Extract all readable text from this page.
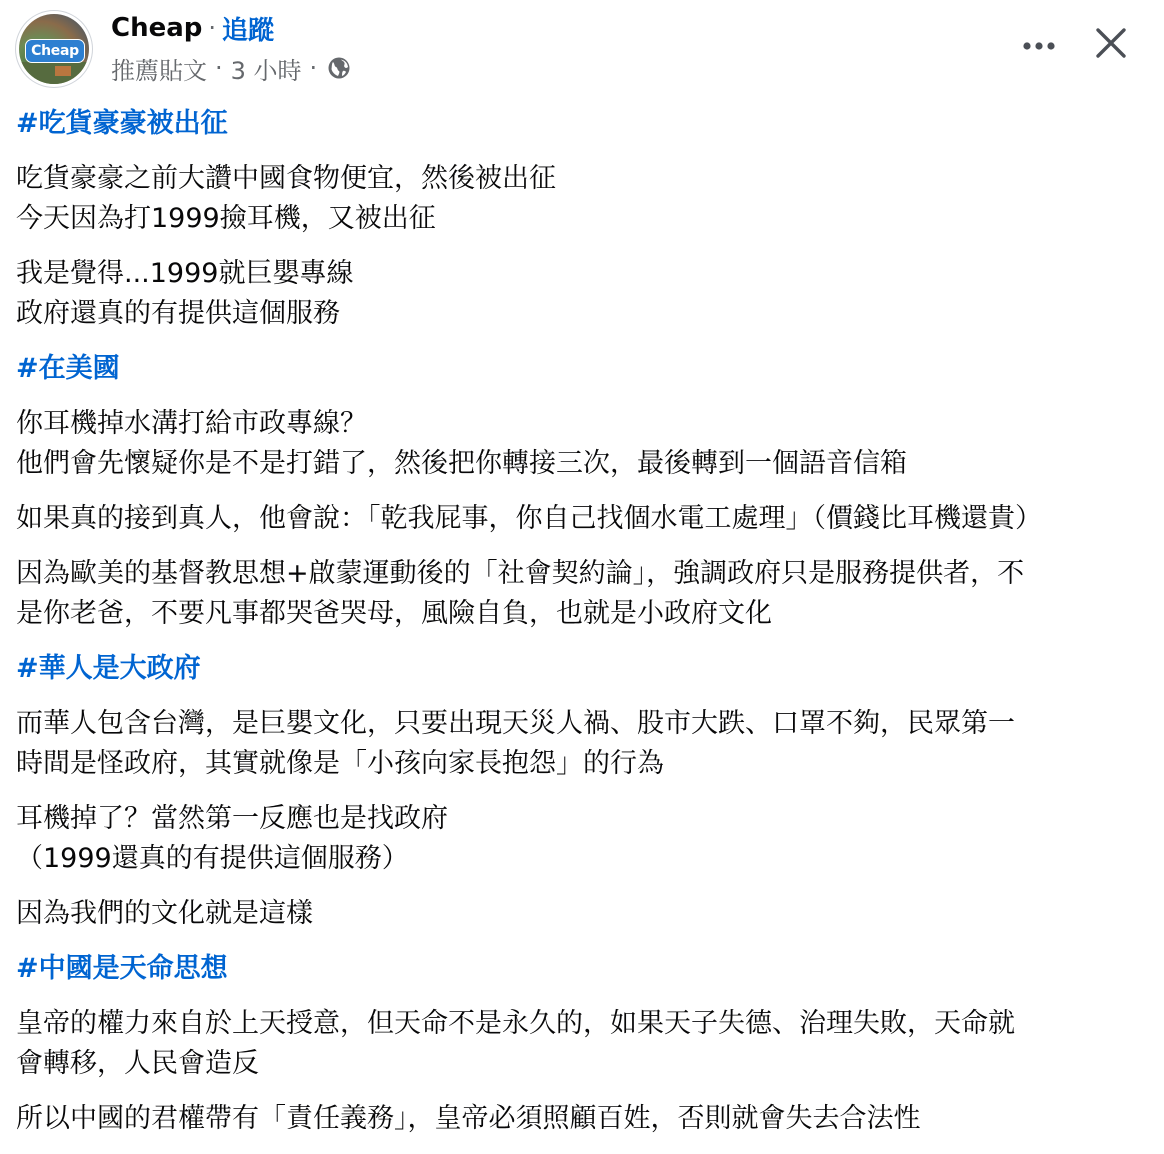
Cheap
Cheap · 追蹤
推薦貼文 · 3 小時 ·
#吃貨豪豪被出征
吃貨豪豪之前大讚中國食物便宜，然後被出征
今天因為打1999撿耳機，又被出征
我是覺得...1999就巨嬰專線
政府還真的有提供這個服務
#在美國
你耳機掉水溝打給市政專線？
他們會先懷疑你是不是打錯了，然後把你轉接三次，最後轉到一個語音信箱
如果真的接到真人，他會說：「乾我屁事，你自己找個水電工處理」（價錢比耳機還貴）
因為歐美的基督教思想+啟蒙運動後的「社會契約論」，強調政府只是服務提供者，不
是你老爸，不要凡事都哭爸哭母，風險自負，也就是小政府文化
#華人是大政府
而華人包含台灣，是巨嬰文化，只要出現天災人禍、股市大跌、口罩不夠，民眾第一
時間是怪政府，其實就像是「小孩向家長抱怨」的行為
耳機掉了？當然第一反應也是找政府
（1999還真的有提供這個服務）
因為我們的文化就是這樣
#中國是天命思想
皇帝的權力來自於上天授意，但天命不是永久的，如果天子失德、治理失敗，天命就
會轉移，人民會造反
所以中國的君權帶有「責任義務」，皇帝必須照顧百姓，否則就會失去合法性
